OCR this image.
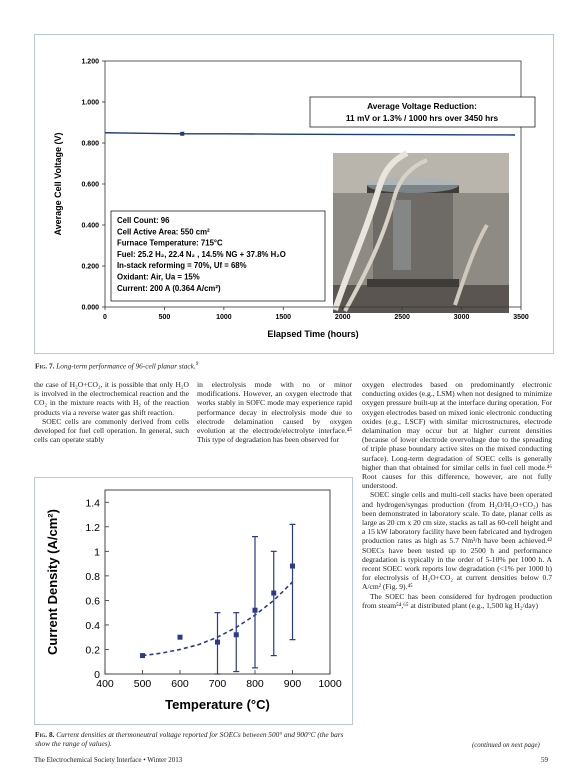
0.000
0.200
0.400
0.600
0.800
1.000
1.200
0	500	1000	1500	2000	2500	3000	3500
Elapsed Time (hours)
Average Cell Voltage (V)
Average Voltage Reduction:
11 mV or 1.3% / 1000 hrs over 3450 hrs
Cell Count: 96 Cell Active Area: 550 cm² Furnace Temperature: 715°C Fuel: 25.2 H₂, 22.4 N₂ , 14.5% NG + 37.8% H₂O In-stack reforming = 70%, Uf = 68% Oxidant: Air, Ua = 15% Current: 200 A (0.364 A/cm²)
Fig. 7. Long-term performance of 96-cell planar stack.$^9$

the case of H₂O+CO₂, it is possible that only H₂O is involved in the electrochemical reaction and the CO₂ in the mixture reacts with H₂ of the reaction products via a reverse water gas shift reaction.

SOEC cells are commonly derived from cells developed for fuel cell operation. In general, such cells can operate stably

in electrolysis mode with no or minor modifications. However, an oxygen electrode that works stably in SOFC mode may experience rapid performance decay in electrolysis mode due to electrode delamination caused by oxygen evolution at the electrode/electrolyte interface.⁴⁵ This type of degradation has been observed for

oxygen electrodes based on predominantly electronic conducting oxides (e.g., LSM) when not designed to minimize oxygen pressure built-up at the interface during operation. For oxygen electrodes based on mixed ionic electronic conducting oxides (e.g., LSCF) with similar microstructures, electrode delamination may occur but at higher current densities (because of lower electrode overvoltage due to the spreading of triple phase boundary active sites on the mixed conducting surface). Long-term degradation of SOEC cells is generally higher than that obtained for similar cells in fuel cell mode.⁴⁶ Root causes for this difference, however, are not fully understood.

SOEC single cells and multi-cell stacks have been operated and hydrogen/syngas production (from H₂O/H₂O+CO₂) has been demonstrated in laboratory scale. To date, planar cells as large as 20 cm x 20 cm size, stacks as tall as 60-cell height and a 15 kW laboratory facility have been fabricated and hydrogen production rates as high as 5.7 Nm³/h have been achieved.⁴² SOECs have been tested up to 2500 h and performance degradation is typically in the order of 5-10% per 1000 h. A recent SOEC work reports low degradation (<1% per 1000 h) for electrolysis of H₂O+CO₂ at current densities below 0.7 A/cm² (Fig. 9).⁴⁵

The SOEC has been considered for hydrogen production from steam⁵⁴,⁶⁵ at distributed plant (e.g., 1,500 kg H₂/day)

0
0.2
0.4
0.6
0.8
1
1.2
1.4
400 500 600 700 800 900 1000
Temperature (°C)
Current Density (A/cm²)
Fig. 8. Current densities at thermoneutral voltage reported for SOECs between 500° and 900°C (the bars show the range of values).	(continued on next page)
The Electrochemical Society Interface • Winter 2013	59
